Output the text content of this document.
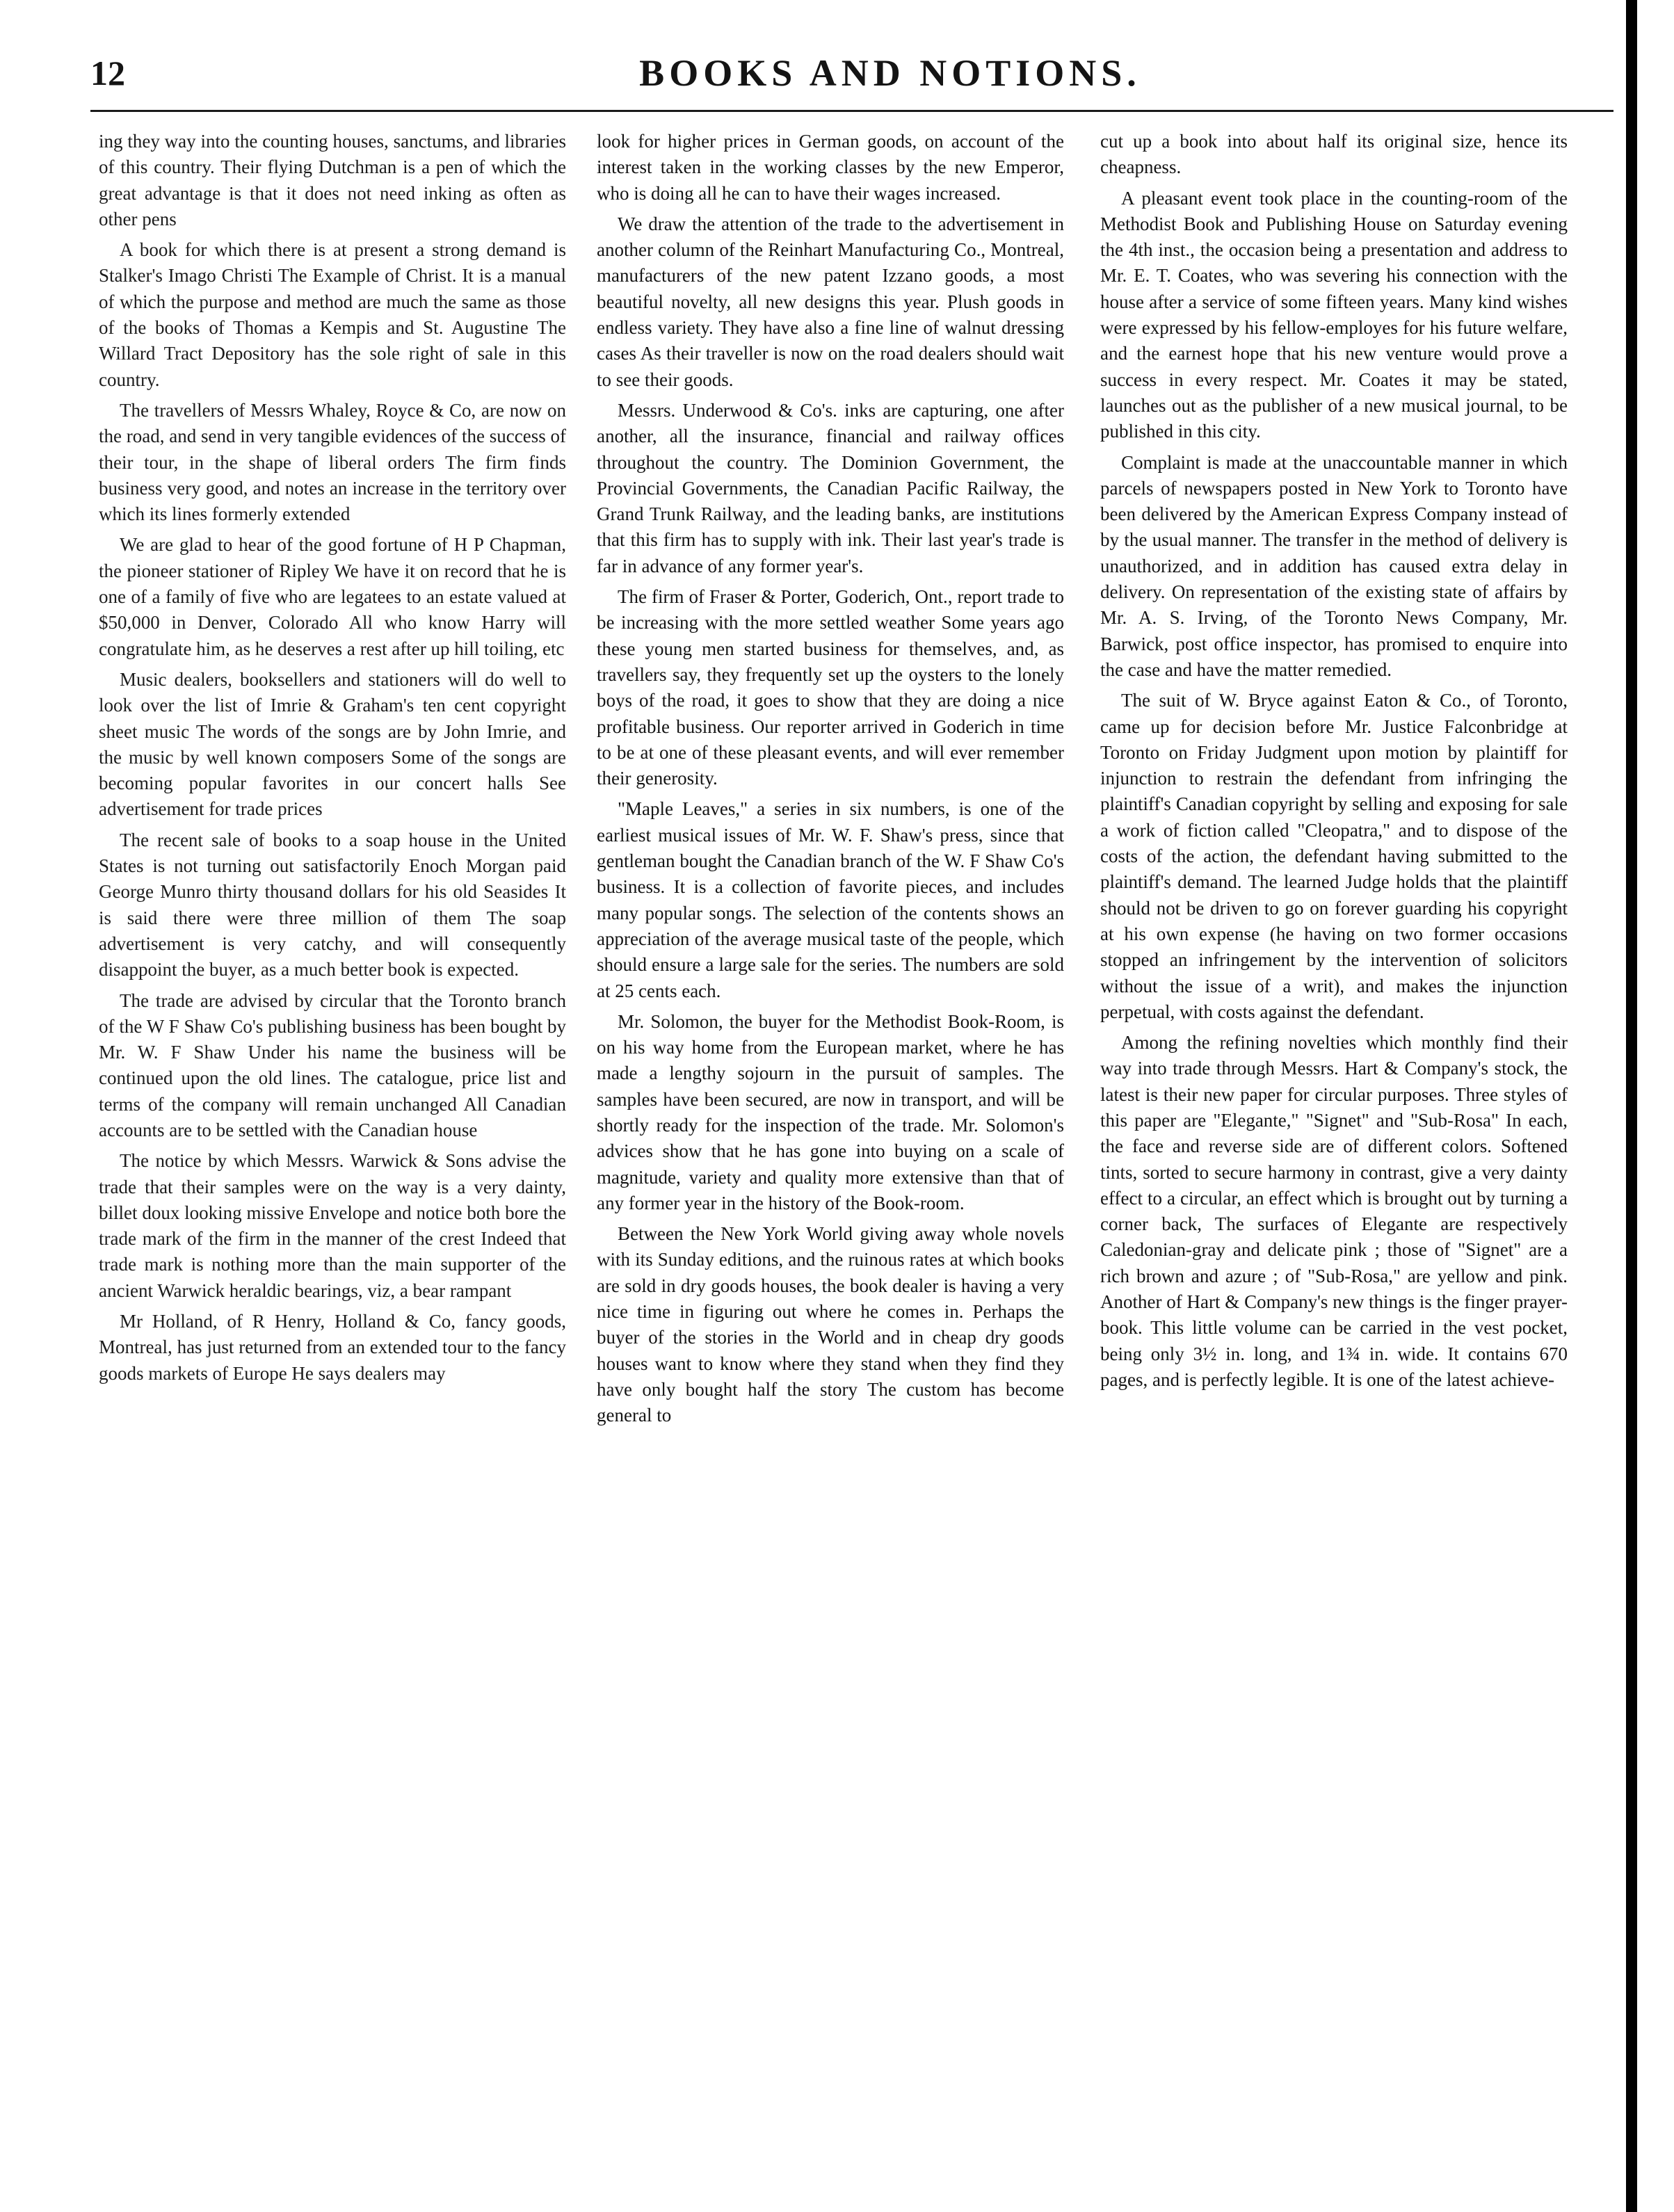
12	BOOKS AND NOTIONS.

ing they way into the counting houses, sanctums, and libraries of this country. Their flying Dutchman is a pen of which the great advantage is that it does not need inking as often as other pens

A book for which there is at present a strong demand is Stalker's Imago Christi The Example of Christ. It is a manual of which the purpose and method are much the same as those of the books of Thomas a Kempis and St. Augustine The Willard Tract Depository has the sole right of sale in this country.

The travellers of Messrs Whaley, Royce & Co, are now on the road, and send in very tangible evidences of the success of their tour, in the shape of liberal orders The firm finds business very good, and notes an increase in the territory over which its lines formerly extended

We are glad to hear of the good fortune of H P Chapman, the pioneer stationer of Ripley We have it on record that he is one of a family of five who are legatees to an estate valued at $50,000 in Denver, Colorado All who know Harry will congratulate him, as he deserves a rest after up hill toiling, etc

Music dealers, booksellers and stationers will do well to look over the list of Imrie & Graham's ten cent copyright sheet music The words of the songs are by John Imrie, and the music by well known composers Some of the songs are becoming popular favorites in our concert halls See advertisement for trade prices

The recent sale of books to a soap house in the United States is not turning out satisfactorily Enoch Morgan paid George Munro thirty thousand dollars for his old Seasides It is said there were three million of them The soap advertisement is very catchy, and will consequently disappoint the buyer, as a much better book is expected.

The trade are advised by circular that the Toronto branch of the W F Shaw Co's publishing business has been bought by Mr. W. F Shaw Under his name the business will be continued upon the old lines. The catalogue, price list and terms of the company will remain unchanged All Canadian accounts are to be settled with the Canadian house

The notice by which Messrs. Warwick & Sons advise the trade that their samples were on the way is a very dainty, billet doux looking missive Envelope and notice both bore the trade mark of the firm in the manner of the crest Indeed that trade mark is nothing more than the main supporter of the ancient Warwick heraldic bearings, viz, a bear rampant

Mr Holland, of R Henry, Holland & Co, fancy goods, Montreal, has just returned from an extended tour to the fancy goods markets of Europe He says dealers may

look for higher prices in German goods, on account of the interest taken in the working classes by the new Emperor, who is doing all he can to have their wages increased.

We draw the attention of the trade to the advertisement in another column of the Reinhart Manufacturing Co., Montreal, manufacturers of the new patent Izzano goods, a most beautiful novelty, all new designs this year. Plush goods in endless variety. They have also a fine line of walnut dressing cases As their traveller is now on the road dealers should wait to see their goods.

Messrs. Underwood & Co's. inks are capturing, one after another, all the insurance, financial and railway offices throughout the country. The Dominion Government, the Provincial Governments, the Canadian Pacific Railway, the Grand Trunk Railway, and the leading banks, are institutions that this firm has to supply with ink. Their last year's trade is far in advance of any former year's.

The firm of Fraser & Porter, Goderich, Ont., report trade to be increasing with the more settled weather Some years ago these young men started business for themselves, and, as travellers say, they frequently set up the oysters to the lonely boys of the road, it goes to show that they are doing a nice profitable business. Our reporter arrived in Goderich in time to be at one of these pleasant events, and will ever remember their generosity.

"Maple Leaves," a series in six numbers, is one of the earliest musical issues of Mr. W. F. Shaw's press, since that gentleman bought the Canadian branch of the W. F Shaw Co's business. It is a collection of favorite pieces, and includes many popular songs. The selection of the contents shows an appreciation of the average musical taste of the people, which should ensure a large sale for the series. The numbers are sold at 25 cents each.

Mr. Solomon, the buyer for the Methodist Book-Room, is on his way home from the European market, where he has made a lengthy sojourn in the pursuit of samples. The samples have been secured, are now in transport, and will be shortly ready for the inspection of the trade. Mr. Solomon's advices show that he has gone into buying on a scale of magnitude, variety and quality more extensive than that of any former year in the history of the Book-room.

Between the New York World giving away whole novels with its Sunday editions, and the ruinous rates at which books are sold in dry goods houses, the book dealer is having a very nice time in figuring out where he comes in. Perhaps the buyer of the stories in the World and in cheap dry goods houses want to know where they stand when they find they have only bought half the story The custom has become general to

cut up a book into about half its original size, hence its cheapness.

A pleasant event took place in the counting-room of the Methodist Book and Publishing House on Saturday evening the 4th inst., the occasion being a presentation and address to Mr. E. T. Coates, who was severing his connection with the house after a service of some fifteen years. Many kind wishes were expressed by his fellow-employes for his future welfare, and the earnest hope that his new venture would prove a success in every respect. Mr. Coates it may be stated, launches out as the publisher of a new musical journal, to be published in this city.

Complaint is made at the unaccountable manner in which parcels of newspapers posted in New York to Toronto have been delivered by the American Express Company instead of by the usual manner. The transfer in the method of delivery is unauthorized, and in addition has caused extra delay in delivery. On representation of the existing state of affairs by Mr. A. S. Irving, of the Toronto News Company, Mr. Barwick, post office inspector, has promised to enquire into the case and have the matter remedied.

The suit of W. Bryce against Eaton & Co., of Toronto, came up for decision before Mr. Justice Falconbridge at Toronto on Friday Judgment upon motion by plaintiff for injunction to restrain the defendant from infringing the plaintiff's Canadian copyright by selling and exposing for sale a work of fiction called "Cleopatra," and to dispose of the costs of the action, the defendant having submitted to the plaintiff's demand. The learned Judge holds that the plaintiff should not be driven to go on forever guarding his copyright at his own expense (he having on two former occasions stopped an infringement by the intervention of solicitors without the issue of a writ), and makes the injunction perpetual, with costs against the defendant.

Among the refining novelties which monthly find their way into trade through Messrs. Hart & Company's stock, the latest is their new paper for circular purposes. Three styles of this paper are "Elegante," "Signet" and "Sub-Rosa" In each, the face and reverse side are of different colors. Softened tints, sorted to secure harmony in contrast, give a very dainty effect to a circular, an effect which is brought out by turning a corner back, The surfaces of Elegante are respectively Caledonian-gray and delicate pink ; those of "Signet" are a rich brown and azure ; of "Sub-Rosa," are yellow and pink. Another of Hart & Company's new things is the finger prayer-book. This little volume can be carried in the vest pocket, being only 3½ in. long, and 1¾ in. wide. It contains 670 pages, and is perfectly legible. It is one of the latest achieve-
